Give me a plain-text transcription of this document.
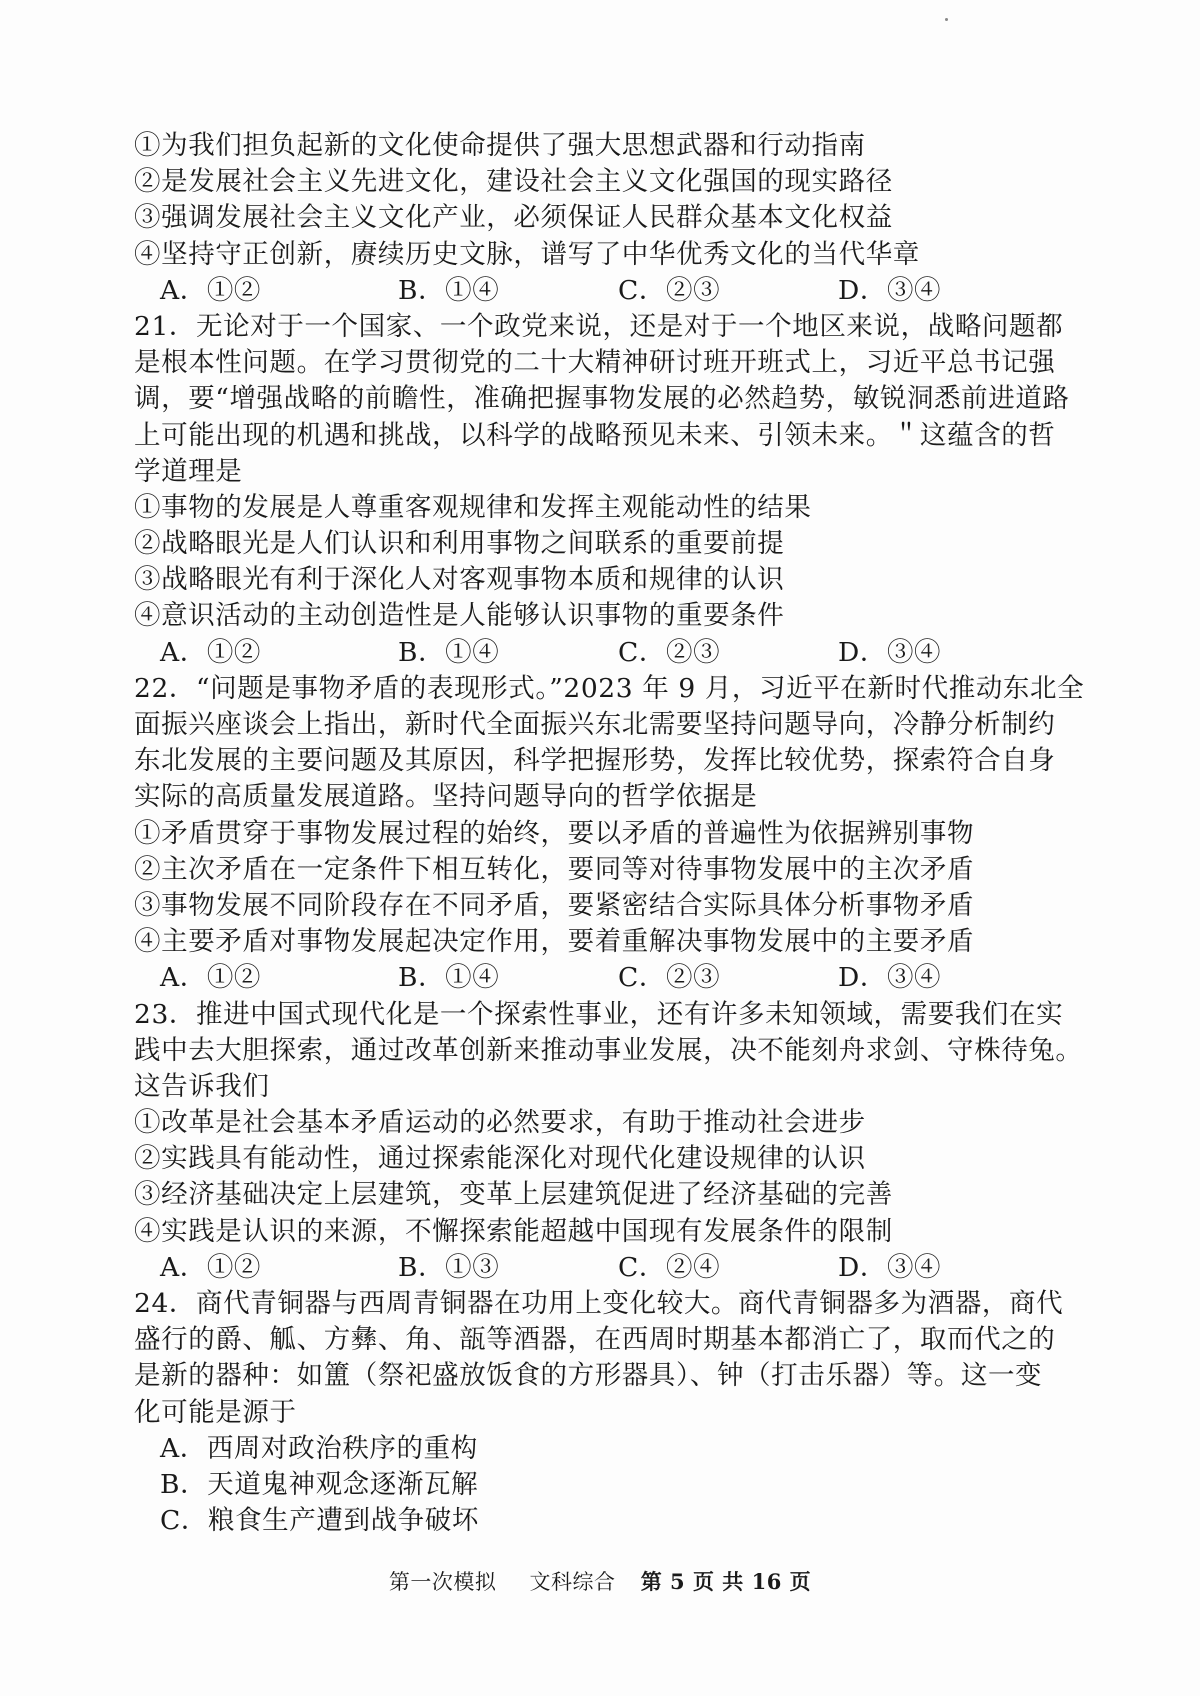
①为我们担负起新的文化使命提供了强大思想武器和行动指南
②是发展社会主义先进文化，建设社会主义文化强国的现实路径
③强调发展社会主义文化产业，必须保证人民群众基本文化权益
④坚持守正创新，赓续历史文脉，谱写了中华优秀文化的当代华章
A．①②	B．①④	C．②③	D．③④
21．无论对于一个国家、一个政党来说，还是对于一个地区来说，战略问题都
是根本性问题。在学习贯彻党的二十大精神研讨班开班式上，习近平总书记强
调，要“增强战略的前瞻性，准确把握事物发展的必然趋势，敏锐洞悉前进道路
上可能出现的机遇和挑战，以科学的战略预见未来、引领未来。＂这蕴含的哲
学道理是
①事物的发展是人尊重客观规律和发挥主观能动性的结果
②战略眼光是人们认识和利用事物之间联系的重要前提
③战略眼光有利于深化人对客观事物本质和规律的认识
④意识活动的主动创造性是人能够认识事物的重要条件
A．①②	B．①④	C．②③	D．③④
22．“问题是事物矛盾的表现形式。”2023 年 9 月，习近平在新时代推动东北全
面振兴座谈会上指出，新时代全面振兴东北需要坚持问题导向，冷静分析制约
东北发展的主要问题及其原因，科学把握形势，发挥比较优势，探索符合自身
实际的高质量发展道路。坚持问题导向的哲学依据是
①矛盾贯穿于事物发展过程的始终，要以矛盾的普遍性为依据辨别事物
②主次矛盾在一定条件下相互转化，要同等对待事物发展中的主次矛盾
③事物发展不同阶段存在不同矛盾，要紧密结合实际具体分析事物矛盾
④主要矛盾对事物发展起决定作用，要着重解决事物发展中的主要矛盾
A．①②	B．①④	C．②③	D．③④
23．推进中国式现代化是一个探索性事业，还有许多未知领域，需要我们在实
践中去大胆探索，通过改革创新来推动事业发展，决不能刻舟求剑、守株待兔。
这告诉我们
①改革是社会基本矛盾运动的必然要求，有助于推动社会进步
②实践具有能动性，通过探索能深化对现代化建设规律的认识
③经济基础决定上层建筑，变革上层建筑促进了经济基础的完善
④实践是认识的来源，不懈探索能超越中国现有发展条件的限制
A．①②	B．①③	C．②④	D．③④
24．商代青铜器与西周青铜器在功用上变化较大。商代青铜器多为酒器，商代
盛行的爵、觚、方彝、角、瓿等酒器，在西周时期基本都消亡了，取而代之的
是新的器种：如簠（祭祀盛放饭食的方形器具）、钟（打击乐器）等。这一变
化可能是源于
A．西周对政治秩序的重构
B．天道鬼神观念逐渐瓦解
C．粮食生产遭到战争破坏
第一次模拟 文科综合 第 5 页 共 16 页
